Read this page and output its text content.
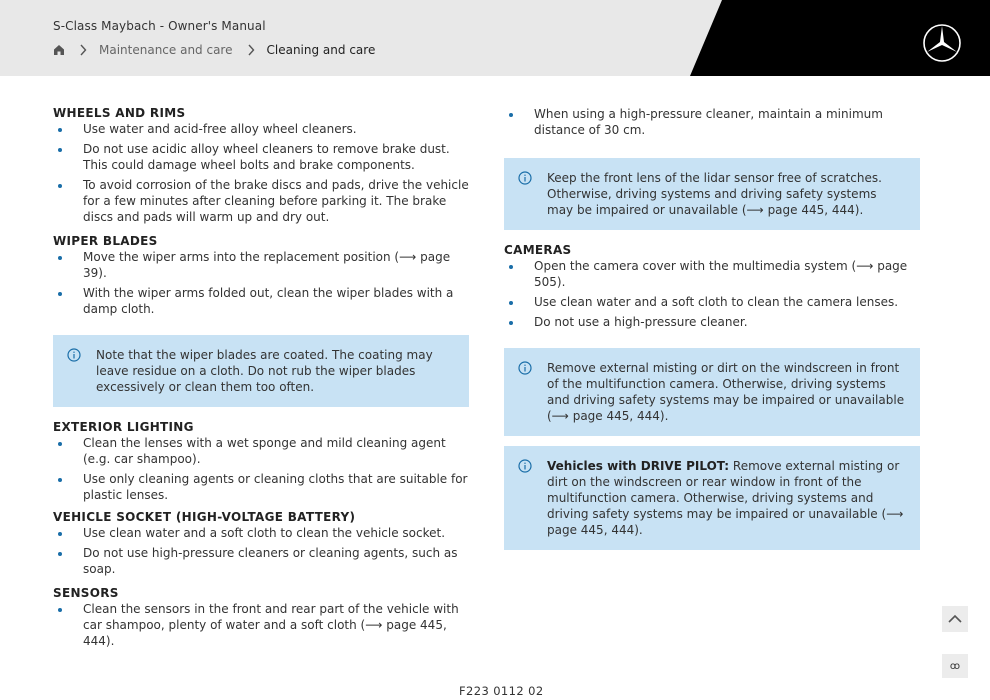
S-Class Maybach - Owner's Manual
Maintenance and care	Cleaning and care
WHEELS AND RIMS
Use water and acid-free alloy wheel cleaners.
Do not use acidic alloy wheel cleaners to remove brake dust. This could damage wheel bolts and brake components.
To avoid corrosion of the brake discs and pads, drive the vehicle for a few minutes after cleaning before parking it. The brake discs and pads will warm up and dry out.
WIPER BLADES
Move the wiper arms into the replacement position (⟶ page 39).
With the wiper arms folded out, clean the wiper blades with a damp cloth.
Note that the wiper blades are coated. The coating may leave residue on a cloth. Do not rub the wiper blades excessively or clean them too often.
EXTERIOR LIGHTING
Clean the lenses with a wet sponge and mild cleaning agent (e.g. car shampoo).
Use only cleaning agents or cleaning cloths that are suitable for plastic lenses.
VEHICLE SOCKET (HIGH-VOLTAGE BATTERY)
Use clean water and a soft cloth to clean the vehicle socket.
Do not use high-pressure cleaners or cleaning agents, such as soap.
SENSORS
Clean the sensors in the front and rear part of the vehicle with car shampoo, plenty of water and a soft cloth (⟶ page 445, 444).
When using a high-pressure cleaner, maintain a minimum distance of 30 cm.
Keep the front lens of the lidar sensor free of scratches. Otherwise, driving systems and driving safety systems may be impaired or unavailable (⟶ page 445, 444).
CAMERAS
Open the camera cover with the multimedia system (⟶ page 505).
Use clean water and a soft cloth to clean the camera lenses.
Do not use a high-pressure cleaner.
Remove external misting or dirt on the windscreen in front of the multifunction camera. Otherwise, driving systems and driving safety systems may be impaired or unavailable (⟶ page 445, 444).
Vehicles with DRIVE PILOT: Remove external misting or dirt on the windscreen or rear window in front of the multifunction camera. Otherwise, driving systems and driving safety systems may be impaired or unavailable (⟶ page 445, 444).
ꝏ
F223 0112 02
